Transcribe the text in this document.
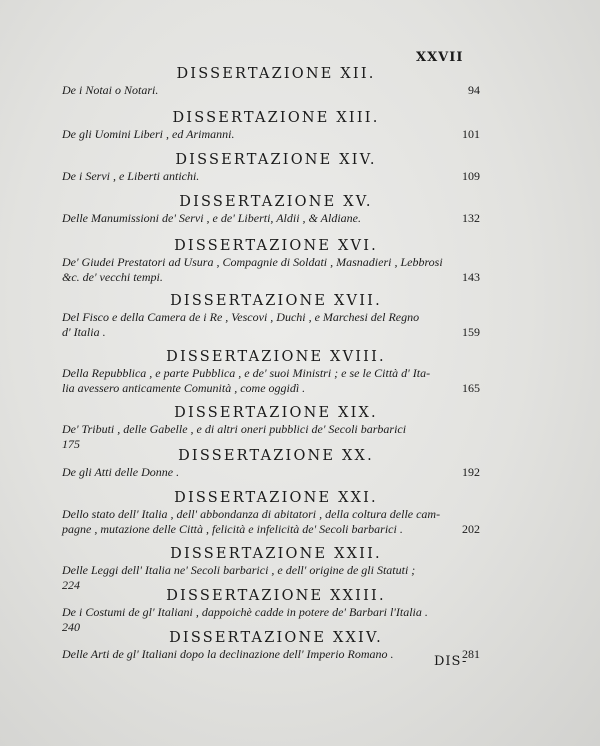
XXVII
DISSERTAZIONE XII.
De i Notai o Notari.	94
DISSERTAZIONE XIII.
De gli Uomini Liberi , ed Arimanni.	101
DISSERTAZIONE XIV.
De i Servi , e Liberti antichi.	109
DISSERTAZIONE XV.
Delle Manumissioni de' Servi , e de' Liberti, Aldii , & Aldiane.	132
DISSERTAZIONE XVI.
De' Giudei Prestatori ad Usura , Compagnie di Soldati , Masnadieri , Lebbrosi
&c. de' vecchi tempi.	143
DISSERTAZIONE XVII.
Del Fisco e della Camera de i Re , Vescovi , Duchi , e Marchesi del Regno
d' Italia .	159
DISSERTAZIONE XVIII.
Della Repubblica , e parte Pubblica , e de' suoi Ministri ; e se le Città d' Ita-
lia avessero anticamente Comunità , come oggidì .	165
DISSERTAZIONE XIX.
De' Tributi , delle Gabelle , e di altri oneri pubblici de' Secoli barbarici
175
DISSERTAZIONE XX.
De gli Atti delle Donne .	192
DISSERTAZIONE XXI.
Dello stato dell' Italia , dell' abbondanza di abitatori , della coltura delle cam-
pagne , mutazione delle Città , felicità e infelicità de' Secoli barbarici .	202
DISSERTAZIONE XXII.
Delle Leggi dell' Italia ne' Secoli barbarici , e dell' origine de gli Statuti ;
224
DISSERTAZIONE XXIII.
De i Costumi de gl' Italiani , dappoichè cadde in potere de' Barbari l'Italia .
240
DISSERTAZIONE XXIV.
Delle Arti de gl' Italiani dopo la declinazione dell' Imperio Romano .	281
DIS-
